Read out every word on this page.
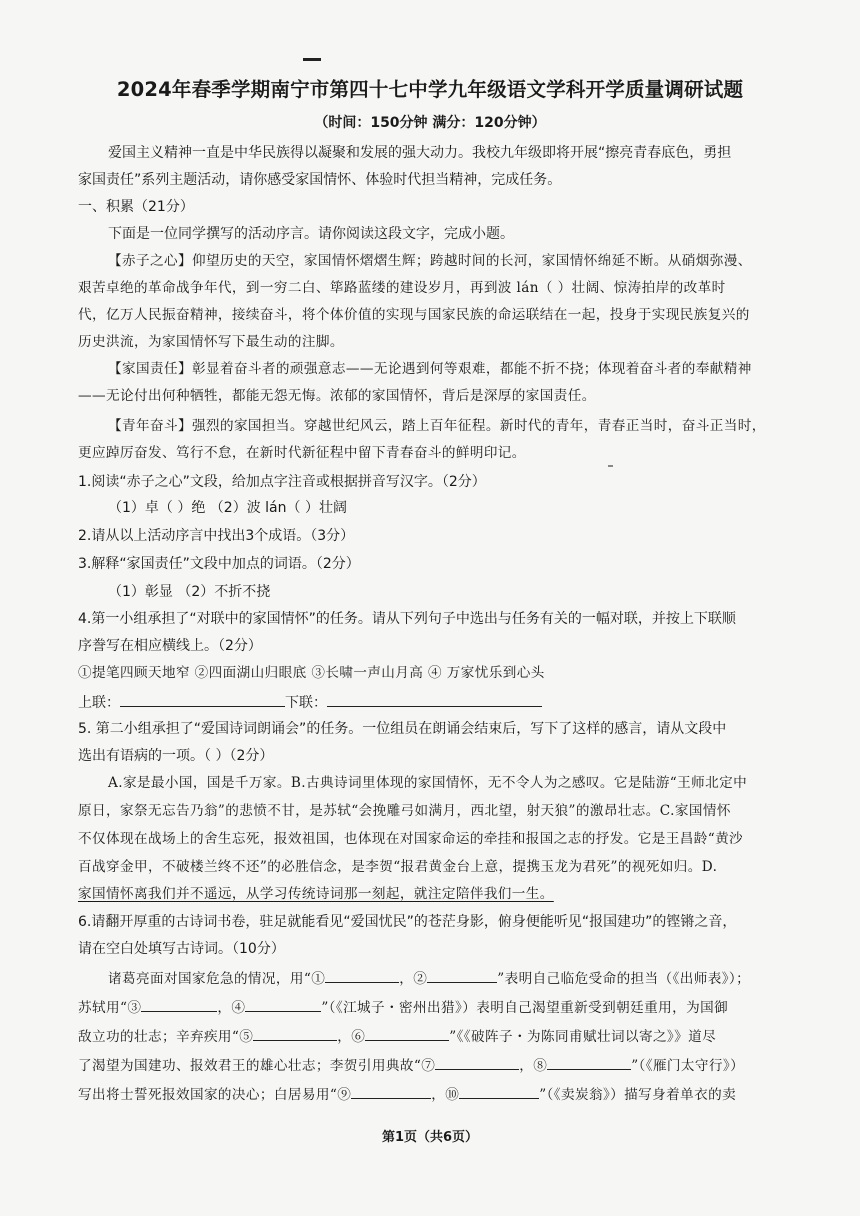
2024年春季学期南宁市第四十七中学九年级语文学科开学质量调研试题
（时间：150分钟 满分：120分钟）
爱国主义精神一直是中华民族得以凝聚和发展的强大动力。我校九年级即将开展“擦亮青春底色，勇担
家国责任”系列主题活动，请你感受家国情怀、体验时代担当精神，完成任务。
一、积累（21分）
下面是一位同学撰写的活动序言。请你阅读这段文字，完成小题。
【赤子之心】仰望历史的天空，家国情怀熠熠生辉；跨越时间的长河，家国情怀绵延不断。从硝烟弥漫、
艰苦卓绝的革命战争年代，到一穷二白、筚路蓝缕的建设岁月，再到波 lán（ ）壮阔、惊涛拍岸的改革时
代，亿万人民振奋精神，接续奋斗，将个体价值的实现与国家民族的命运联结在一起，投身于实现民族复兴的
历史洪流，为家国情怀写下最生动的注脚。
【家国责任】彰显着奋斗者的顽强意志——无论遇到何等艰难，都能不折不挠；体现着奋斗者的奉献精神
——无论付出何种牺牲，都能无怨无悔。浓郁的家国情怀，背后是深厚的家国责任。
【青年奋斗】强烈的家国担当。穿越世纪风云，踏上百年征程。新时代的青年，青春正当时，奋斗正当时，
更应踔厉奋发、笃行不怠，在新时代新征程中留下青春奋斗的鲜明印记。
1.阅读“赤子之心”文段，给加点字注音或根据拼音写汉字。（2分）
（1）卓（ ）绝 （2）波 lán（ ）壮阔
2.请从以上活动序言中找出3个成语。（3分）
3.解释“家国责任”文段中加点的词语。（2分）
（1）彰显 （2）不折不挠
4.第一小组承担了“对联中的家国情怀”的任务。请从下列句子中选出与任务有关的一幅对联，并按上下联顺
序誊写在相应横线上。（2分）
①提笔四顾天地窄 ②四面湖山归眼底 ③长啸一声山月高 ④ 万家忧乐到心头
上联：	下联：
5. 第二小组承担了“爱国诗词朗诵会”的任务。一位组员在朗诵会结束后，写下了这样的感言，请从文段中
选出有语病的一项。（ ）（2分）
A.家是最小国，国是千万家。B.古典诗词里体现的家国情怀，无不令人为之感叹。它是陆游“王师北定中
原日，家祭无忘告乃翁”的悲愤不甘，是苏轼“会挽雕弓如满月，西北望，射天狼”的激昂壮志。C.家国情怀
不仅体现在战场上的舍生忘死，报效祖国，也体现在对国家命运的牵挂和报国之志的抒发。它是王昌龄“黄沙
百战穿金甲，不破楼兰终不还”的必胜信念，是李贺“报君黄金台上意，提携玉龙为君死”的视死如归。D.
家国情怀离我们并不遥远，从学习传统诗词那一刻起，就注定陪伴我们一生。
6.请翻开厚重的古诗词书卷，驻足就能看见“爱国忧民”的苍茫身影，俯身便能听见“报国建功”的铿锵之音，
请在空白处填写古诗词。（10分）
诸葛亮面对国家危急的情况，用“①	，②	”表明自己临危受命的担当（《出师表》）；
苏轼用“③	，④	”（《江城子・密州出猎》）表明自己渴望重新受到朝廷重用，为国御
敌立功的壮志；辛弃疾用“⑤	，⑥	”《《破阵子・为陈同甫赋壮词以寄之》》道尽
了渴望为国建功、报效君王的雄心壮志；李贺引用典故“⑦	，⑧	”（《雁门太守行》）
写出将士誓死报效国家的决心；白居易用“⑨	，⑩	”（《卖炭翁》）描写身着单衣的卖
第1页（共6页）
